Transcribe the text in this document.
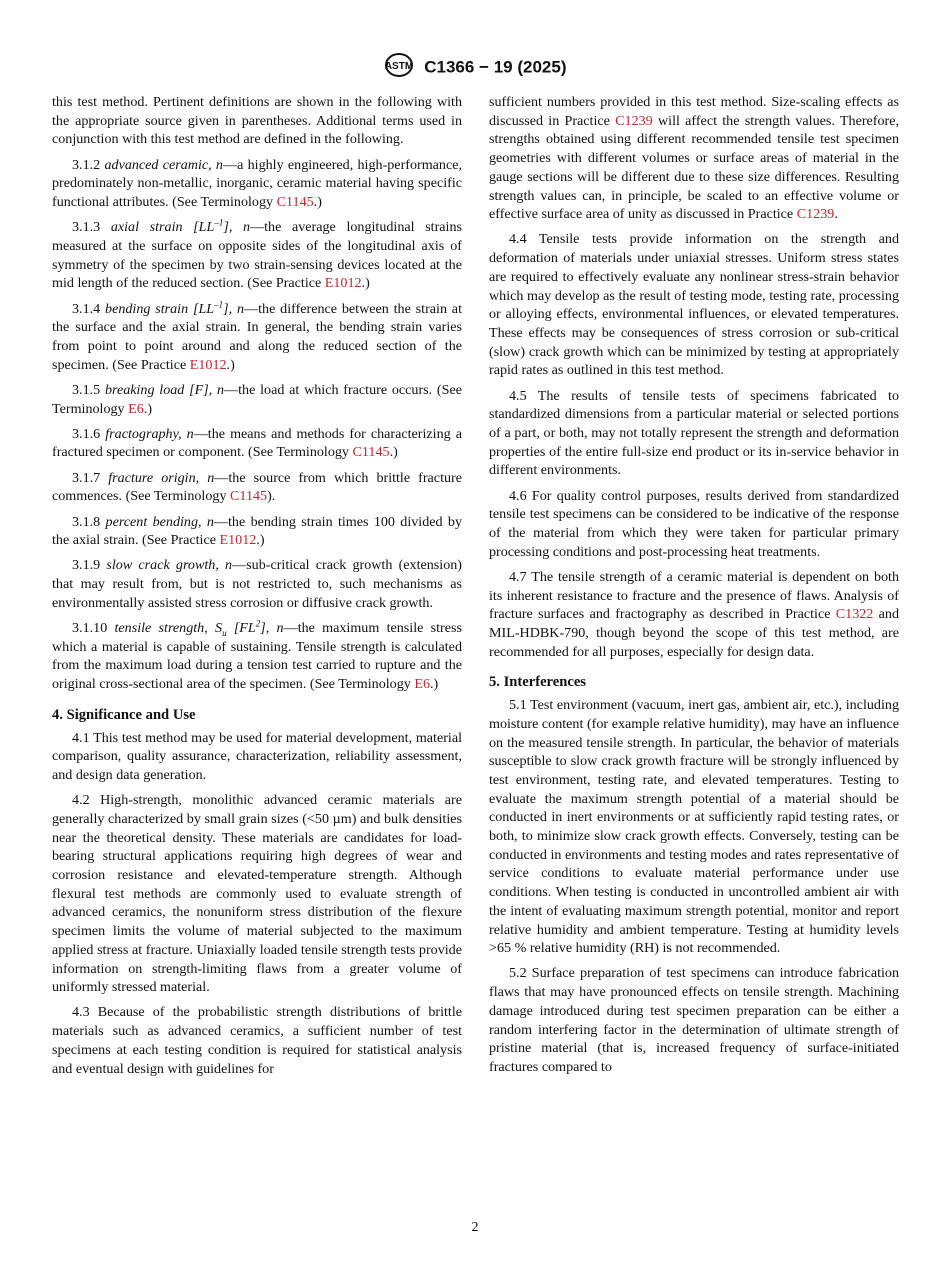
ASTM C1366 − 19 (2025)

this test method. Pertinent definitions are shown in the following with the appropriate source given in parentheses. Additional terms used in conjunction with this test method are defined in the following.

3.1.2 advanced ceramic, n—a highly engineered, high-performance, predominately non-metallic, inorganic, ceramic material having specific functional attributes. (See Terminology C1145.)

3.1.3 axial strain $[LL^{-1}]$, n—the average longitudinal strains measured at the surface on opposite sides of the longitudinal axis of symmetry of the specimen by two strain-sensing devices located at the mid length of the reduced section. (See Practice E1012.)

3.1.4 bending strain $[LL^{-1}]$, n—the difference between the strain at the surface and the axial strain. In general, the bending strain varies from point to point around and along the reduced section of the specimen. (See Practice E1012.)

3.1.5 breaking load [F], n—the load at which fracture occurs. (See Terminology E6.)

3.1.6 fractography, n—the means and methods for characterizing a fractured specimen or component. (See Terminology C1145.)

3.1.7 fracture origin, n—the source from which brittle fracture commences. (See Terminology C1145).

3.1.8 percent bending, n—the bending strain times 100 divided by the axial strain. (See Practice E1012.)

3.1.9 slow crack growth, n—sub-critical crack growth (extension) that may result from, but is not restricted to, such mechanisms as environmentally assisted stress corrosion or diffusive crack growth.

3.1.10 tensile strength, $S_u$ $[FL^2]$, n—the maximum tensile stress which a material is capable of sustaining. Tensile strength is calculated from the maximum load during a tension test carried to rupture and the original cross-sectional area of the specimen. (See Terminology E6.)

4. Significance and Use

4.1 This test method may be used for material development, material comparison, quality assurance, characterization, reliability assessment, and design data generation.

4.2 High-strength, monolithic advanced ceramic materials are generally characterized by small grain sizes (<50 µm) and bulk densities near the theoretical density. These materials are candidates for load-bearing structural applications requiring high degrees of wear and corrosion resistance and elevated-temperature strength. Although flexural test methods are commonly used to evaluate strength of advanced ceramics, the nonuniform stress distribution of the flexure specimen limits the volume of material subjected to the maximum applied stress at fracture. Uniaxially loaded tensile strength tests provide information on strength-limiting flaws from a greater volume of uniformly stressed material.

4.3 Because of the probabilistic strength distributions of brittle materials such as advanced ceramics, a sufficient number of test specimens at each testing condition is required for statistical analysis and eventual design with guidelines for

sufficient numbers provided in this test method. Size-scaling effects as discussed in Practice C1239 will affect the strength values. Therefore, strengths obtained using different recommended tensile test specimen geometries with different volumes or surface areas of material in the gauge sections will be different due to these size differences. Resulting strength values can, in principle, be scaled to an effective volume or effective surface area of unity as discussed in Practice C1239.

4.4 Tensile tests provide information on the strength and deformation of materials under uniaxial stresses. Uniform stress states are required to effectively evaluate any nonlinear stress-strain behavior which may develop as the result of testing mode, testing rate, processing or alloying effects, environmental influences, or elevated temperatures. These effects may be consequences of stress corrosion or sub-critical (slow) crack growth which can be minimized by testing at appropriately rapid rates as outlined in this test method.

4.5 The results of tensile tests of specimens fabricated to standardized dimensions from a particular material or selected portions of a part, or both, may not totally represent the strength and deformation properties of the entire full-size end product or its in-service behavior in different environments.

4.6 For quality control purposes, results derived from standardized tensile test specimens can be considered to be indicative of the response of the material from which they were taken for particular primary processing conditions and post-processing heat treatments.

4.7 The tensile strength of a ceramic material is dependent on both its inherent resistance to fracture and the presence of flaws. Analysis of fracture surfaces and fractography as described in Practice C1322 and MIL-HDBK-790, though beyond the scope of this test method, are recommended for all purposes, especially for design data.

5. Interferences

5.1 Test environment (vacuum, inert gas, ambient air, etc.), including moisture content (for example relative humidity), may have an influence on the measured tensile strength. In particular, the behavior of materials susceptible to slow crack growth fracture will be strongly influenced by test environment, testing rate, and elevated temperatures. Testing to evaluate the maximum strength potential of a material should be conducted in inert environments or at sufficiently rapid testing rates, or both, to minimize slow crack growth effects. Conversely, testing can be conducted in environments and testing modes and rates representative of service conditions to evaluate material performance under use conditions. When testing is conducted in uncontrolled ambient air with the intent of evaluating maximum strength potential, monitor and report relative humidity and ambient temperature. Testing at humidity levels >65 % relative humidity (RH) is not recommended.

5.2 Surface preparation of test specimens can introduce fabrication flaws that may have pronounced effects on tensile strength. Machining damage introduced during test specimen preparation can be either a random interfering factor in the determination of ultimate strength of pristine material (that is, increased frequency of surface-initiated fractures compared to

2
